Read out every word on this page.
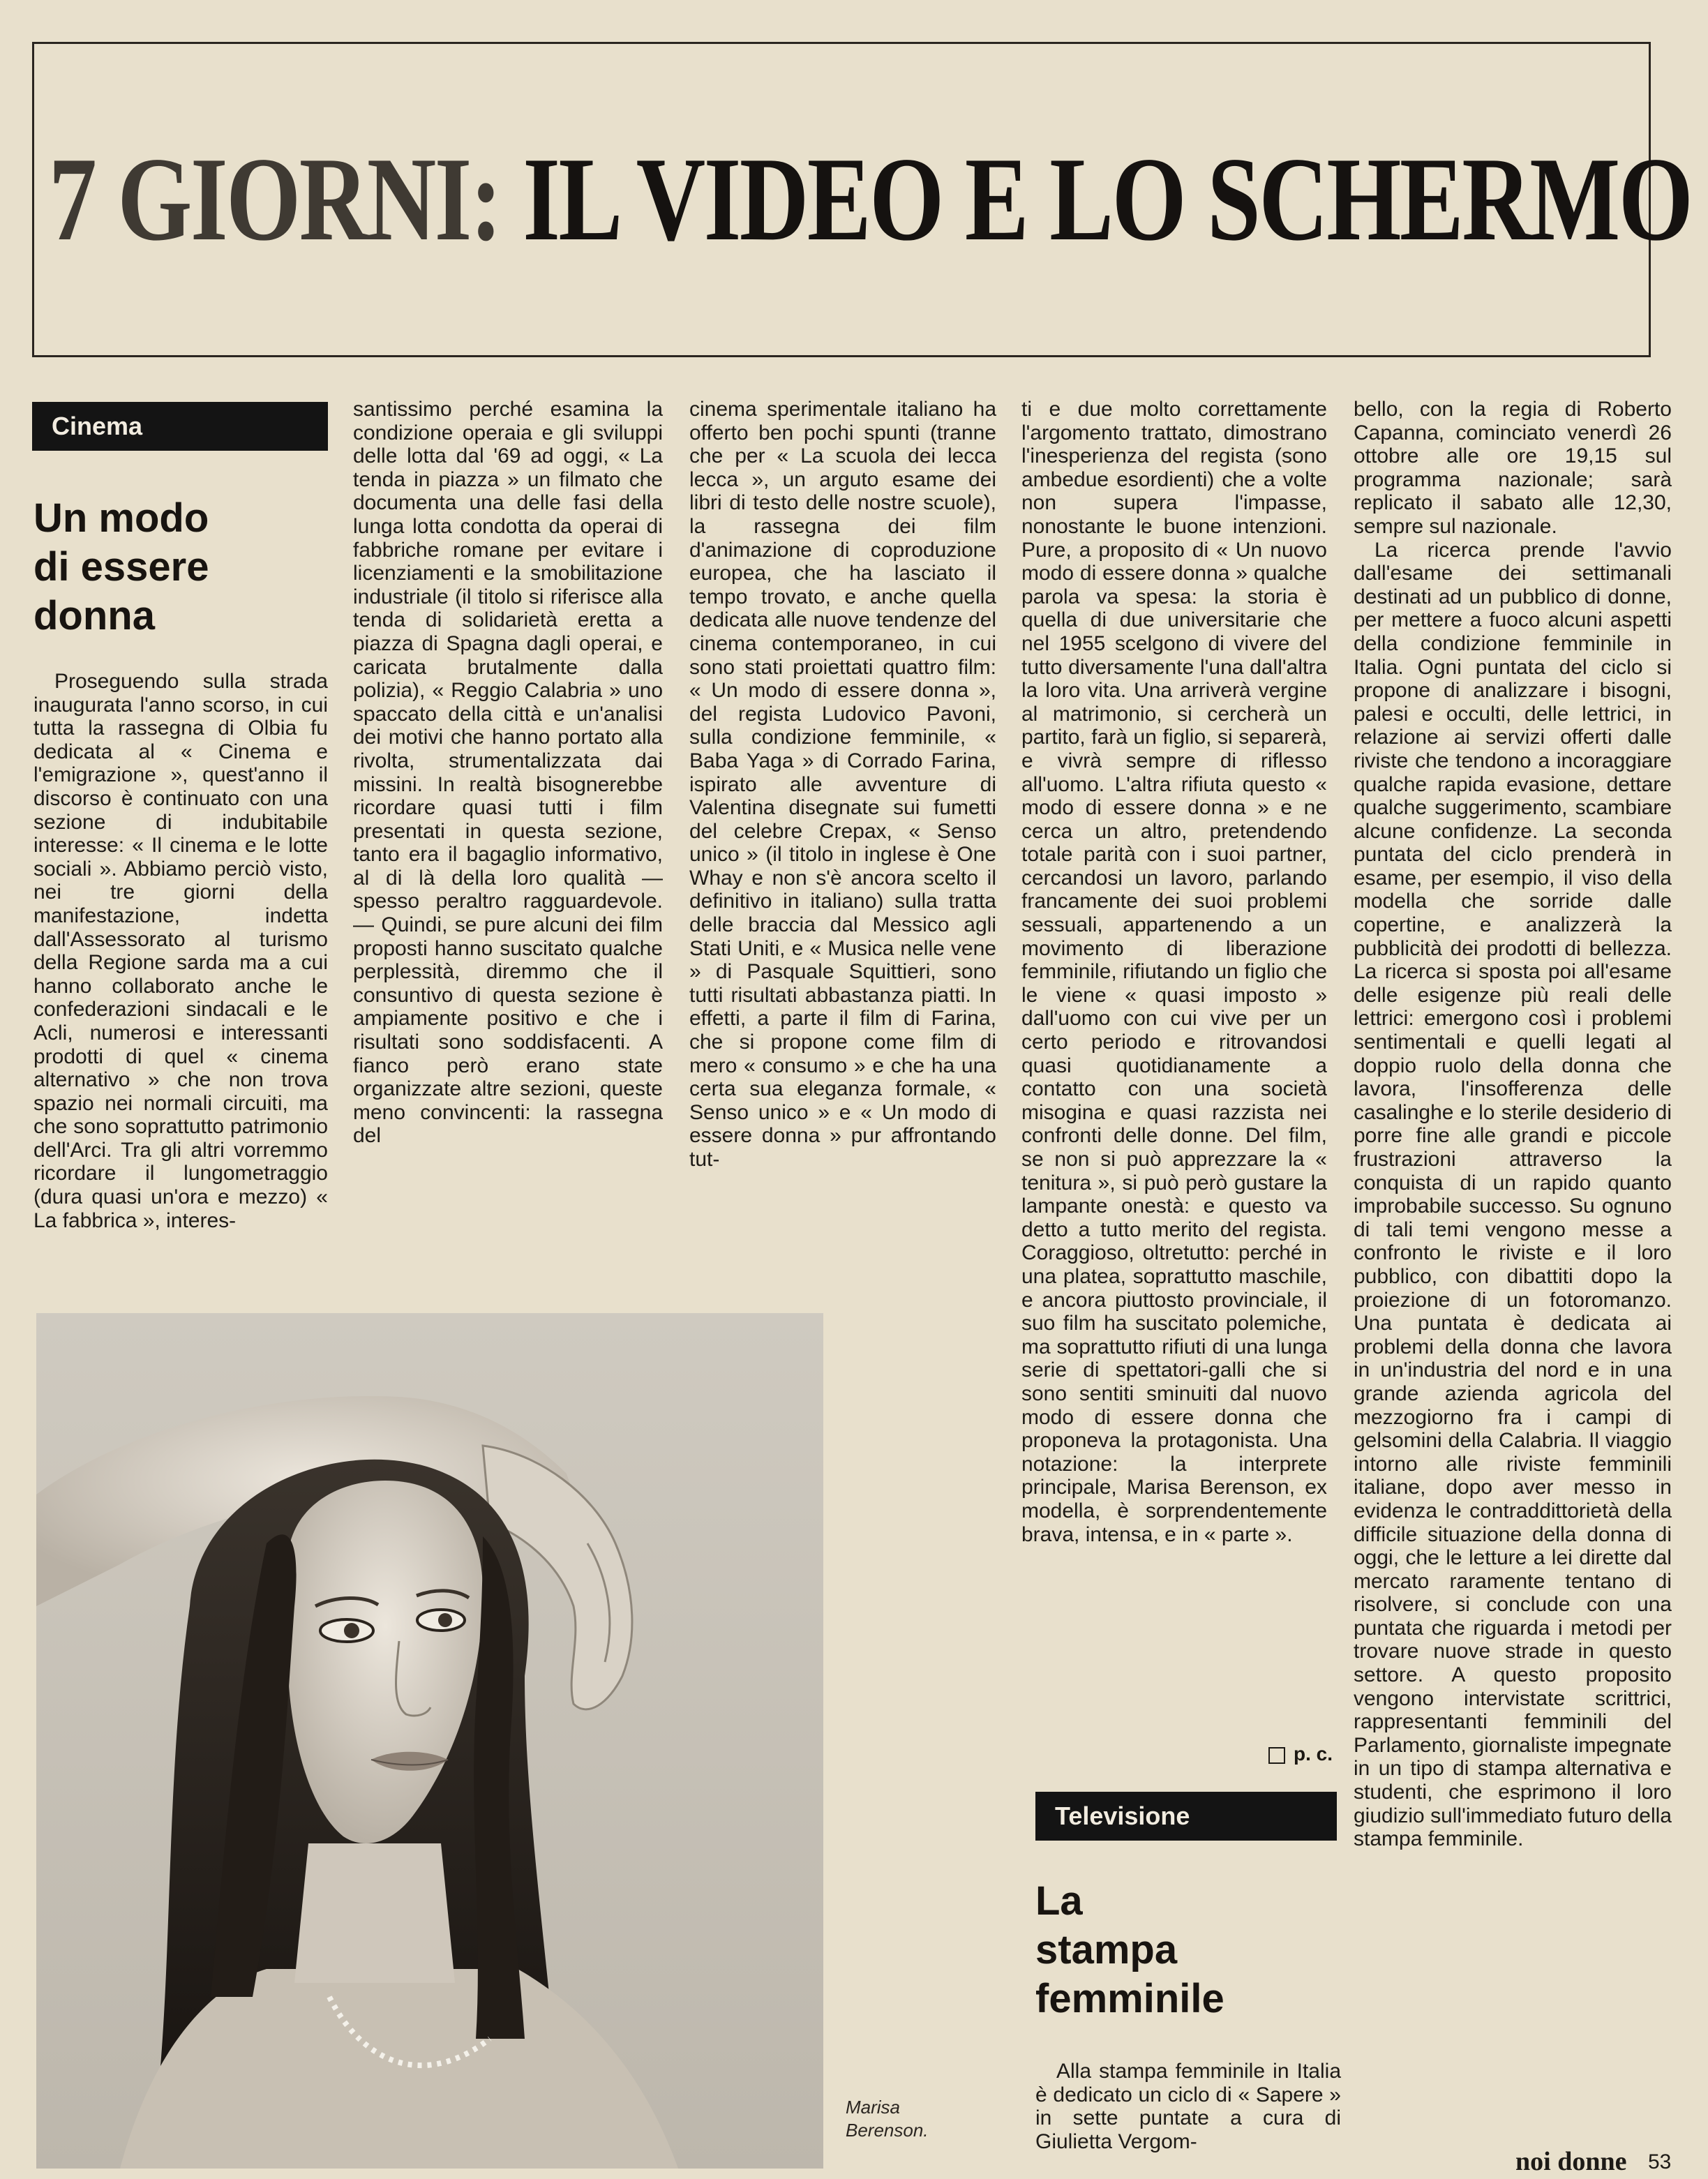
7 GIORNI: IL VIDEO E LO SCHERMO
Cinema
Un modo
di essere
donna

Proseguendo sulla strada inaugurata l'anno scorso, in cui tutta la rassegna di Olbia fu dedicata al « Cinema e l'emigrazione », quest'anno il discorso è continuato con una sezione di indubitabile interesse: « Il cinema e le lotte sociali ». Abbiamo perciò visto, nei tre giorni della manifestazione, indetta dall'Assessorato al turismo della Regione sarda ma a cui hanno collaborato anche le confederazioni sindacali e le Acli, numerosi e interessanti prodotti di quel « cinema alternativo » che non trova spazio nei normali circuiti, ma che sono soprattutto patrimonio dell'Arci. Tra gli altri vorremmo ricordare il lungometraggio (dura quasi un'ora e mezzo) « La fabbrica », interes-

santissimo perché esamina la condizione operaia e gli sviluppi delle lotta dal '69 ad oggi, « La tenda in piazza » un filmato che documenta una delle fasi della lunga lotta condotta da operai di fabbriche romane per evitare i licenziamenti e la smobilitazione industriale (il titolo si riferisce alla tenda di solidarietà eretta a piazza di Spagna dagli operai, e caricata brutalmente dalla polizia), « Reggio Calabria » uno spaccato della città e un'analisi dei motivi che hanno portato alla rivolta, strumentalizzata dai missini. In realtà bisognerebbe ricordare quasi tutti i film presentati in questa sezione, tanto era il bagaglio informativo, al di là della loro qualità — spesso peraltro ragguardevole. — Quindi, se pure alcuni dei film proposti hanno suscitato qualche perplessità, diremmo che il consuntivo di questa sezione è ampiamente positivo e che i risultati sono soddisfacenti. A fianco però erano state organizzate altre sezioni, queste meno convincenti: la rassegna del

cinema sperimentale italiano ha offerto ben pochi spunti (tranne che per « La scuola dei lecca lecca », un arguto esame dei libri di testo delle nostre scuole), la rassegna dei film d'animazione di coproduzione europea, che ha lasciato il tempo trovato, e anche quella dedicata alle nuove tendenze del cinema contemporaneo, in cui sono stati proiettati quattro film: « Un modo di essere donna », del regista Ludovico Pavoni, sulla condizione femminile, « Baba Yaga » di Corrado Farina, ispirato alle avventure di Valentina disegnate sui fumetti del celebre Crepax, « Senso unico » (il titolo in inglese è One Whay e non s'è ancora scelto il definitivo in italiano) sulla tratta delle braccia dal Messico agli Stati Uniti, e « Musica nelle vene » di Pasquale Squittieri, sono tutti risultati abbastanza piatti. In effetti, a parte il film di Farina, che si propone come film di mero « consumo » e che ha una certa sua eleganza formale, « Senso unico » e « Un modo di essere donna » pur affrontando tut-

ti e due molto correttamente l'argomento trattato, dimostrano l'inesperienza del regista (sono ambedue esordienti) che a volte non supera l'impasse, nonostante le buone intenzioni. Pure, a proposito di « Un nuovo modo di essere donna » qualche parola va spesa: la storia è quella di due universitarie che nel 1955 scelgono di vivere del tutto diversamente l'una dall'altra la loro vita. Una arriverà vergine al matrimonio, si cercherà un partito, farà un figlio, si separerà, e vivrà sempre di riflesso all'uomo. L'altra rifiuta questo « modo di essere donna » e ne cerca un altro, pretendendo totale parità con i suoi partner, cercandosi un lavoro, parlando francamente dei suoi problemi sessuali, appartenendo a un movimento di liberazione femminile, rifiutando un figlio che le viene « quasi imposto » dall'uomo con cui vive per un certo periodo e ritrovandosi quasi quotidianamente a contatto con una società misogina e quasi razzista nei confronti delle donne. Del film, se non si può apprezzare la « tenitura », si può però gustare la lampante onestà: e questo va detto a tutto merito del regista. Coraggioso, oltretutto: perché in una platea, soprattutto maschile, e ancora piuttosto provinciale, il suo film ha suscitato polemiche, ma soprattutto rifiuti di una lunga serie di spettatori-galli che si sono sentiti sminuiti dal nuovo modo di essere donna che proponeva la protagonista. Una notazione: la interprete principale, Marisa Berenson, ex modella, è sorprendentemente brava, intensa, e in « parte ».

p. c.
Televisione
La
stampa
femminile

Alla stampa femminile in Italia è dedicato un ciclo di « Sapere » in sette puntate a cura di Giulietta Vergom-

bello, con la regia di Roberto Capanna, cominciato venerdì 26 ottobre alle ore 19,15 sul programma nazionale; sarà replicato il sabato alle 12,30, sempre sul nazionale.

La ricerca prende l'avvio dall'esame dei settimanali destinati ad un pubblico di donne, per mettere a fuoco alcuni aspetti della condizione femminile in Italia. Ogni puntata del ciclo si propone di analizzare i bisogni, palesi e occulti, delle lettrici, in relazione ai servizi offerti dalle riviste che tendono a incoraggiare qualche rapida evasione, dettare qualche suggerimento, scambiare alcune confidenze. La seconda puntata del ciclo prenderà in esame, per esempio, il viso della modella che sorride dalle copertine, e analizzerà la pubblicità dei prodotti di bellezza. La ricerca si sposta poi all'esame delle esigenze più reali delle lettrici: emergono così i problemi sentimentali e quelli legati al doppio ruolo della donna che lavora, l'insofferenza delle casalinghe e lo sterile desiderio di porre fine alle grandi e piccole frustrazioni attraverso la conquista di un rapido quanto improbabile successo. Su ognuno di tali temi vengono messe a confronto le riviste e il loro pubblico, con dibattiti dopo la proiezione di un fotoromanzo. Una puntata è dedicata ai problemi della donna che lavora in un'industria del nord e in una grande azienda agricola del mezzogiorno fra i campi di gelsomini della Calabria. Il viaggio intorno alle riviste femminili italiane, dopo aver messo in evidenza le contraddittorietà della difficile situazione della donna di oggi, che le letture a lei dirette dal mercato raramente tentano di risolvere, si conclude con una puntata che riguarda i metodi per trovare nuove strade in questo settore. A questo proposito vengono intervistate scrittrici, rappresentanti femminili del Parlamento, giornaliste impegnate in un tipo di stampa alternativa e studenti, che esprimono il loro giudizio sull'immediato futuro della stampa femminile.

Marisa
Berenson.
noi donne 53
